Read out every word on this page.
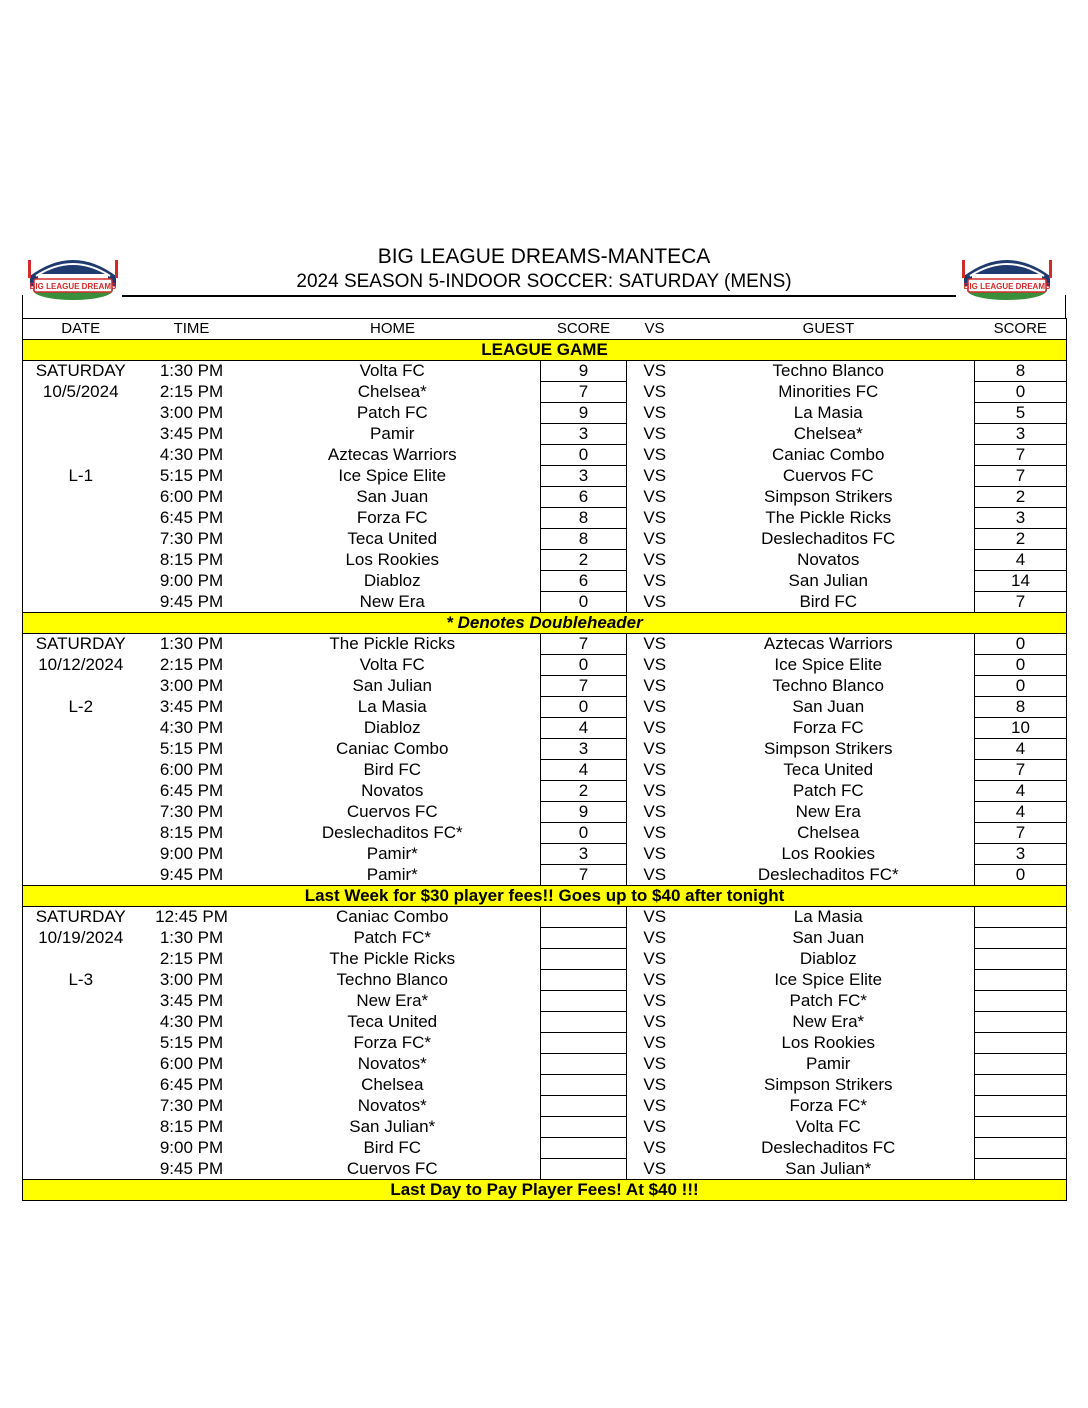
BIG LEAGUE DREAMS	BIG LEAGUE DREAMS
BIG LEAGUE DREAMS-MANTECA
2024 SEASON 5-INDOOR SOCCER: SATURDAY (MENS)
DATE	TIME	HOME	SCORE	VS	GUEST	SCORE
LEAGUE GAME						
SATURDAY	1:30 PM	Volta FC	9	VS	Techno Blanco	8
10/5/2024	2:15 PM	Chelsea*	7	VS	Minorities FC	0
	3:00 PM	Patch FC	9	VS	La Masia	5
	3:45 PM	Pamir	3	VS	Chelsea*	3
	4:30 PM	Aztecas Warriors	0	VS	Caniac Combo	7
L-1	5:15 PM	Ice Spice Elite	3	VS	Cuervos FC	7
	6:00 PM	San Juan	6	VS	Simpson Strikers	2
	6:45 PM	Forza FC	8	VS	The Pickle Ricks	3
	7:30 PM	Teca United	8	VS	Deslechaditos FC	2
	8:15 PM	Los Rookies	2	VS	Novatos	4
	9:00 PM	Diabloz	6	VS	San Julian	14
	9:45 PM	New Era	0	VS	Bird FC	7
* Denotes Doubleheader						
SATURDAY	1:30 PM	The Pickle Ricks	7	VS	Aztecas Warriors	0
10/12/2024	2:15 PM	Volta FC	0	VS	Ice Spice Elite	0
	3:00 PM	San Julian	7	VS	Techno Blanco	0
L-2	3:45 PM	La Masia	0	VS	San Juan	8
	4:30 PM	Diabloz	4	VS	Forza FC	10
	5:15 PM	Caniac Combo	3	VS	Simpson Strikers	4
	6:00 PM	Bird FC	4	VS	Teca United	7
	6:45 PM	Novatos	2	VS	Patch FC	4
	7:30 PM	Cuervos FC	9	VS	New Era	4
	8:15 PM	Deslechaditos FC*	0	VS	Chelsea	7
	9:00 PM	Pamir*	3	VS	Los Rookies	3
	9:45 PM	Pamir*	7	VS	Deslechaditos FC*	0
Last Week for $30 player fees!! Goes up to $40 after tonight						
SATURDAY	12:45 PM	Caniac Combo		VS	La Masia	
10/19/2024	1:30 PM	Patch FC*		VS	San Juan	
	2:15 PM	The Pickle Ricks		VS	Diabloz	
L-3	3:00 PM	Techno Blanco		VS	Ice Spice Elite	
	3:45 PM	New Era*		VS	Patch FC*	
	4:30 PM	Teca United		VS	New Era*	
	5:15 PM	Forza FC*		VS	Los Rookies	
	6:00 PM	Novatos*		VS	Pamir	
	6:45 PM	Chelsea		VS	Simpson Strikers	
	7:30 PM	Novatos*		VS	Forza FC*	
	8:15 PM	San Julian*		VS	Volta FC	
	9:00 PM	Bird FC		VS	Deslechaditos FC	
	9:45 PM	Cuervos FC		VS	San Julian*	
Last Day to Pay Player Fees! At $40 !!!						
